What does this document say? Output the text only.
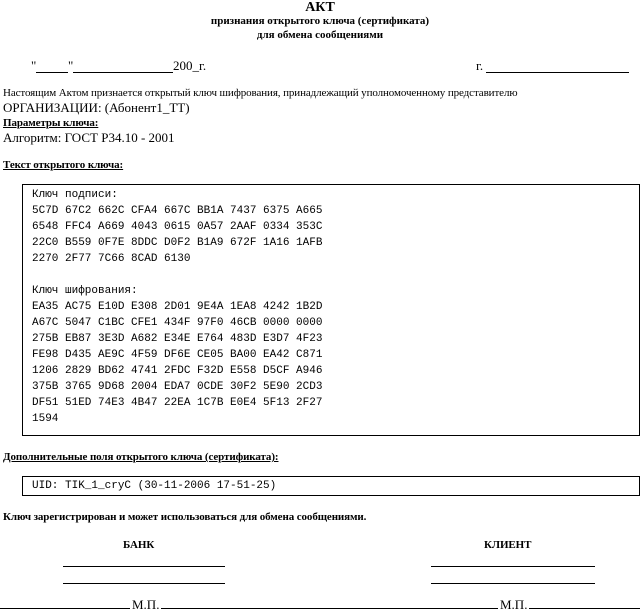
АКТ
признания открытого ключа (сертификата)
для обмена сообщениями
" "	200_г.	г.
Настоящим Актом признается открытый ключ шифрования, принадлежащий уполномоченному представителю
ОРГАНИЗАЦИИ: (Абонент1_ТТ)
Параметры ключа:
Алгоритм: ГОСТ Р34.10 - 2001
Текст открытого ключа:
Ключ подписи:
5C7D 67C2 662C CFA4 667C BB1A 7437 6375 A665
6548 FFC4 A669 4043 0615 0A57 2AAF 0334 353C
22C0 B559 0F7E 8DDC D0F2 B1A9 672F 1A16 1AFB
2270 2F77 7C66 8CAD 6130
Ключ шифрования:
EA35 AC75 E10D E308 2D01 9E4A 1EA8 4242 1B2D
A67C 5047 C1BC CFE1 434F 97F0 46CB 0000 0000
275B EB87 3E3D A682 E34E E764 483D E3D7 4F23
FE98 D435 AE9C 4F59 DF6E CE05 BA00 EA42 C871
1206 2829 BD62 4741 2FDC F32D E558 D5CF A946
375B 3765 9D68 2004 EDA7 0CDE 30F2 5E90 2CD3
DF51 51ED 74E3 4B47 22EA 1C7B E0E4 5F13 2F27
1594
Дополнительные поля открытого ключа (сертификата):
UID: TIK_1_cryC (30-11-2006 17-51-25)
Ключ зарегистрирован и может использоваться для обмена сообщениями.
БАНК	КЛИЕНТ
М.П.	М.П.
